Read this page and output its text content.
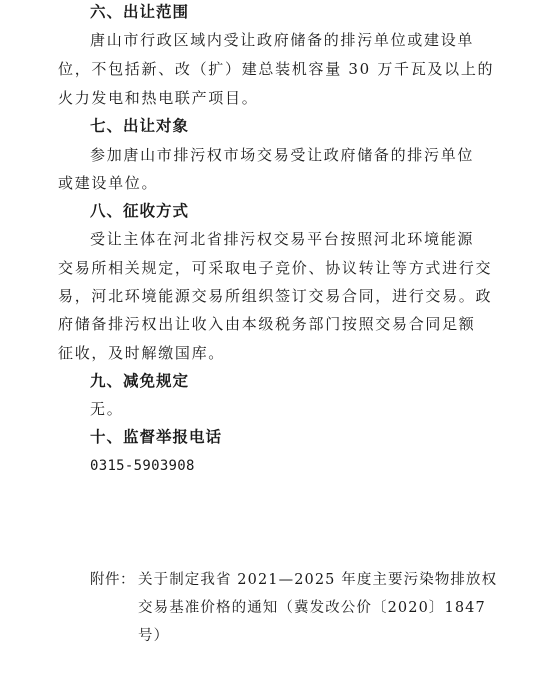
六、出让范围
唐山市行政区域内受让政府储备的排污单位或建设单
位，不包括新、改（扩）建总装机容量 30 万千瓦及以上的
火力发电和热电联产项目。
七、出让对象
参加唐山市排污权市场交易受让政府储备的排污单位
或建设单位。
八、征收方式
受让主体在河北省排污权交易平台按照河北环境能源
交易所相关规定，可采取电子竞价、协议转让等方式进行交
易，河北环境能源交易所组织签订交易合同，进行交易。政
府储备排污权出让收入由本级税务部门按照交易合同足额
征收，及时解缴国库。
九、减免规定
无。
十、监督举报电话
0315-5903908
附件： 关于制定我省 2021—2025 年度主要污染物排放权
交易基准价格的通知（冀发改公价〔2020〕1847
号）
